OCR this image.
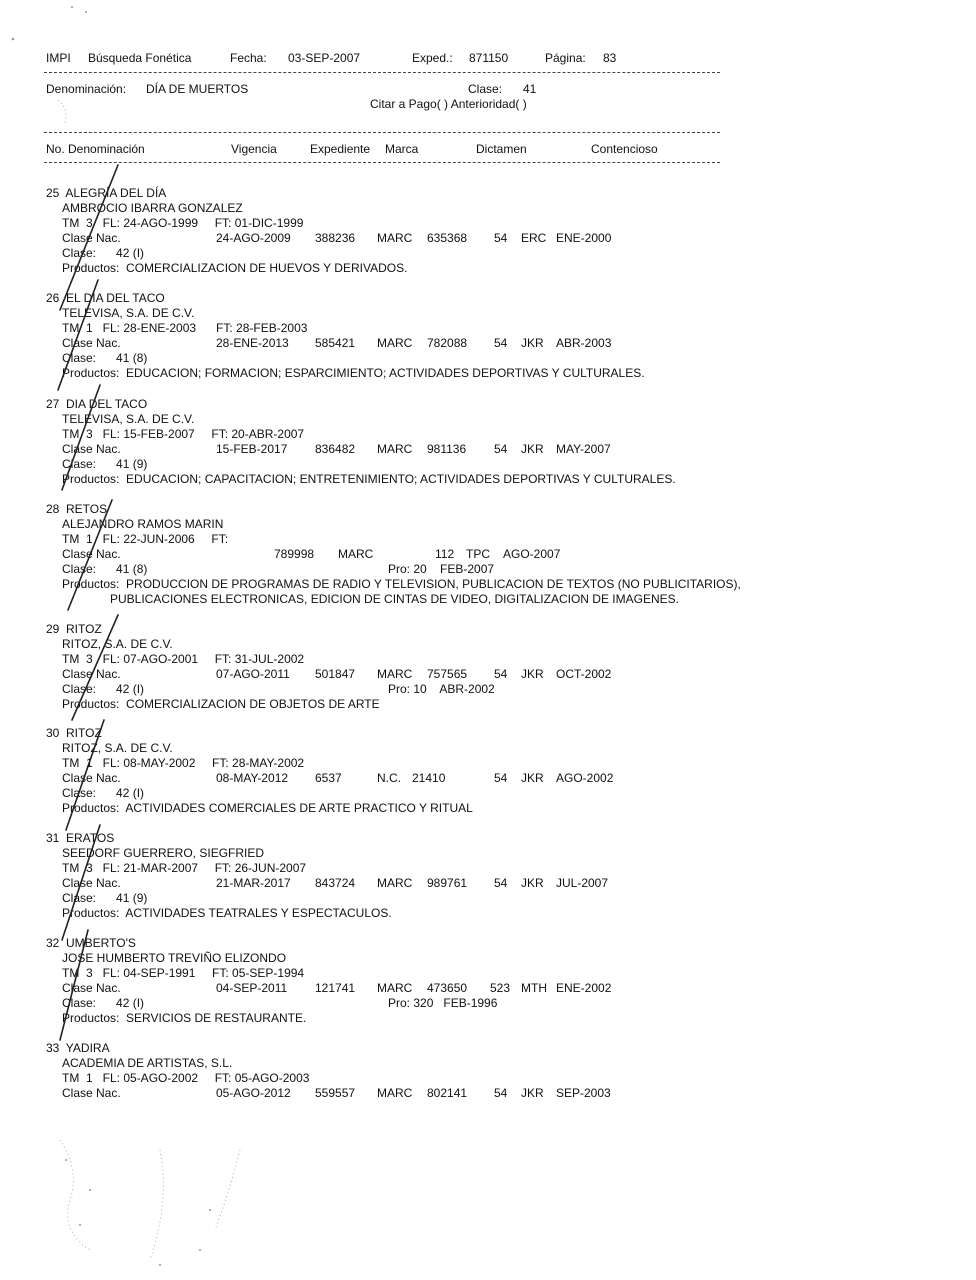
IMPI Búsqueda Fonética	Fecha: 03-SEP-2007	Exped.: 871150	Página: 83
Denominación: DÍA DE MUERTOS	Clase: 41
Citar a Pago( ) Anterioridad( )
No. Denominación	Vigencia	Expediente Marca	Dictamen	Contencioso
25  ALEGRÍA DEL DÍA
AMBROCIO IBARRA GONZALEZ
TM  3   FL: 24-AGO-1999     FT: 01-DIC-1999
Clase Nac.	24-AGO-2009 388236 MARC 635368 54 ERC ENE-2000
Clase:      42 (I)
Productos:  COMERCIALIZACION DE HUEVOS Y DERIVADOS.
26  EL DIA DEL TACO
TELEVISA, S.A. DE C.V.
TM  1   FL: 28-ENE-2003      FT: 28-FEB-2003
Clase Nac.	28-ENE-2013 585421 MARC 782088 54 JKR ABR-2003
Clase:      41 (8)
Productos:  EDUCACION; FORMACION; ESPARCIMIENTO; ACTIVIDADES DEPORTIVAS Y CULTURALES.
27  DIA DEL TACO
TELEVISA, S.A. DE C.V.
TM  3   FL: 15-FEB-2007     FT: 20-ABR-2007
Clase Nac.	15-FEB-2017 836482 MARC 981136 54 JKR MAY-2007
Clase:      41 (9)
Productos:  EDUCACION; CAPACITACION; ENTRETENIMIENTO; ACTIVIDADES DEPORTIVAS Y CULTURALES.
28  RETOS
ALEJANDRO RAMOS MARIN
TM  1   FL: 22-JUN-2006     FT:
Clase Nac.	789998 MARC	112 TPC AGO-2007
Clase:      41 (8)	Pro: 20    FEB-2007
Productos:  PRODUCCION DE PROGRAMAS DE RADIO Y TELEVISION, PUBLICACION DE TEXTOS (NO PUBLICITARIOS),
PUBLICACIONES ELECTRONICAS, EDICION DE CINTAS DE VIDEO, DIGITALIZACION DE IMAGENES.
29  RITOZ
RITOZ, S.A. DE C.V.
TM  3   FL: 07-AGO-2001     FT: 31-JUL-2002
Clase Nac.	07-AGO-2011 501847 MARC 757565 54 JKR OCT-2002
Clase:      42 (I)	Pro: 10    ABR-2002
Productos:  COMERCIALIZACION DE OBJETOS DE ARTE
30  RITOZ
RITOZ, S.A. DE C.V.
TM  1   FL: 08-MAY-2002     FT: 28-MAY-2002
Clase Nac.	08-MAY-2012 6537	N.C. 21410	54 JKR AGO-2002
Clase:      42 (I)
Productos:  ACTIVIDADES COMERCIALES DE ARTE PRACTICO Y RITUAL
31  ERATOS
SEEDORF GUERRERO, SIEGFRIED
TM  3   FL: 21-MAR-2007     FT: 26-JUN-2007
Clase Nac.	21-MAR-2017 843724 MARC 989761 54 JKR JUL-2007
Clase:      41 (9)
Productos:  ACTIVIDADES TEATRALES Y ESPECTACULOS.
32  UMBERTO'S
JOSE HUMBERTO TREVIÑO ELIZONDO
TM  3   FL: 04-SEP-1991     FT: 05-SEP-1994
Clase Nac.	04-SEP-2011 121741 MARC 473650 523 MTH ENE-2002
Clase:      42 (I)	Pro: 320   FEB-1996
Productos:  SERVICIOS DE RESTAURANTE.
33  YADIRA
ACADEMIA DE ARTISTAS, S.L.
TM  1   FL: 05-AGO-2002     FT: 05-AGO-2003
Clase Nac.	05-AGO-2012 559557 MARC 802141 54 JKR SEP-2003
